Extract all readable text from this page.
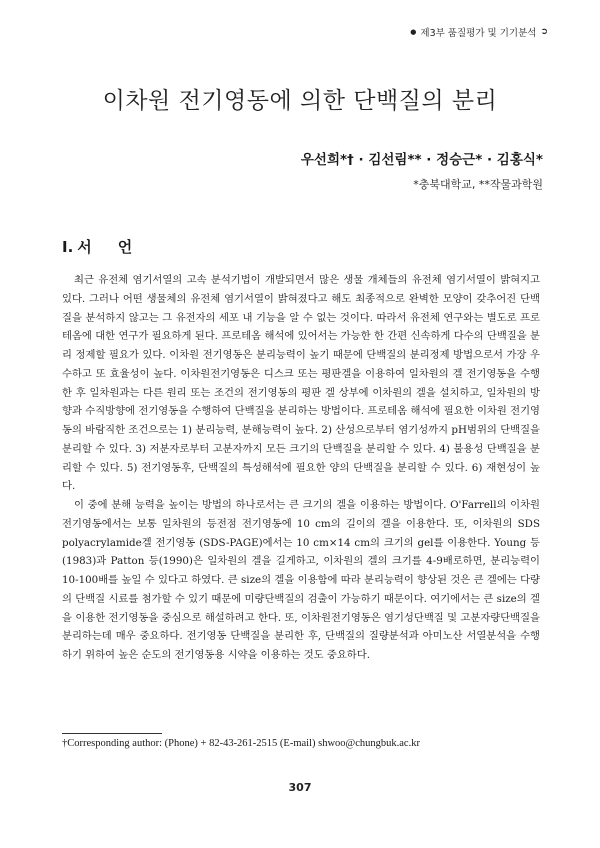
● 제3부 품질평가 및 기기분석 ➲
이차원 전기영동에 의한 단백질의 분리
우선희*† · 김선림** · 정승근* · 김홍식*
*충북대학교, **작물과학원
I. 서 언

최근 유전체 염기서열의 고속 분석기법이 개발되면서 많은 생물 개체들의 유전체 염기서열이 밝혀지고 있다. 그러나 어떤 생물체의 유전체 염기서열이 밝혀졌다고 해도 최종적으로 완벽한 모양이 갖추어진 단백질을 분석하지 않고는 그 유전자의 세포 내 기능을 알 수 없는 것이다. 따라서 유전체 연구와는 별도로 프로테옴에 대한 연구가 필요하게 된다. 프로테옴 해석에 있어서는 가능한 한 간편 신속하게 다수의 단백질을 분리 정제할 필요가 있다. 이차원 전기영동은 분리능력이 높기 때문에 단백질의 분리정제 방법으로서 가장 우수하고 또 효율성이 높다. 이차원전기영동은 디스크 또는 평판겔을 이용하여 일차원의 겔 전기영동을 수행한 후 일차원과는 다른 원리 또는 조건의 전기영동의 평판 겔 상부에 이차원의 겔을 설치하고, 일차원의 방향과 수직방향에 전기영동을 수행하여 단백질을 분리하는 방법이다. 프로테옴 해석에 필요한 이차원 전기영동의 바람직한 조건으로는 1) 분리능력, 분해능력이 높다. 2) 산성으로부터 염기성까지 pH범위의 단백질을 분리할 수 있다. 3) 저분자로부터 고분자까지 모든 크기의 단백질을 분리할 수 있다. 4) 불용성 단백질을 분리할 수 있다. 5) 전기영동후, 단백질의 특성해석에 필요한 양의 단백질을 분리할 수 있다. 6) 재현성이 높다.

이 중에 분해 능력을 높이는 방법의 하나로서는 큰 크기의 겔을 이용하는 방법이다. O'Farrell의 이차원전기영동에서는 보통 일차원의 등전점 전기영동에 10 cm의 길이의 겔을 이용한다. 또, 이차원의 SDS polyacrylamide겔 전기영동 (SDS-PAGE)에서는 10 cm×14 cm의 크기의 gel를 이용한다. Young 등(1983)과 Patton 등(1990)은 일차원의 겔을 길게하고, 이차원의 겔의 크기를 4-9배로하면, 분리능력이 10-100배를 높일 수 있다고 하였다. 큰 size의 겔을 이용함에 따라 분리능력이 향상된 것은 큰 겔에는 다량의 단백질 시료를 첨가할 수 있기 때문에 미량단백질의 검출이 가능하기 때문이다. 여기에서는 큰 size의 겔을 이용한 전기영동을 중심으로 해설하려고 한다. 또, 이차원전기영동은 염기성단백질 및 고분자량단백질을 분리하는데 매우 중요하다. 전기영동 단백질을 분리한 후, 단백질의 질량분석과 아미노산 서열분석을 수행하기 위하여 높은 순도의 전기영동용 시약을 이용하는 것도 중요하다.

†Corresponding author: (Phone) + 82-43-261-2515 (E-mail) shwoo@chungbuk.ac.kr
307
